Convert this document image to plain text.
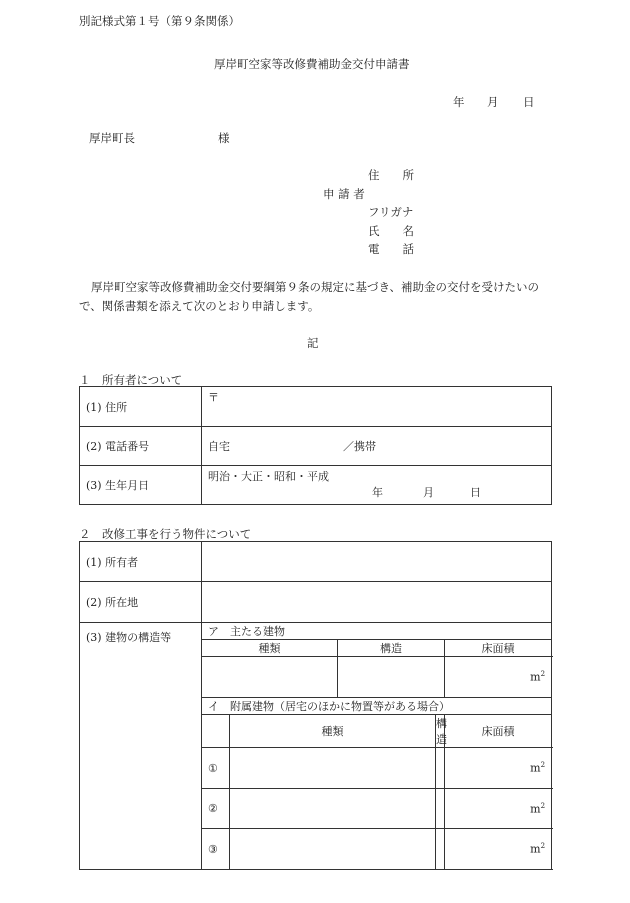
別記様式第１号（第９条関係）
厚岸町空家等改修費補助金交付申請書
年 月 日
厚岸町長	様
住　　所
申 請 者
フリガナ
氏　　名
電　　話
厚岸町空家等改修費補助金交付要綱第９条の規定に基づき、補助金の交付を受けたいの
で、関係書類を添えて次のとおり申請します。
記
１　所有者について
(1) 住所	〒
(2) 電話番号	自宅 ／携帯
(3) 生年月日	明治・大正・昭和・平成
年 月 日
２　改修工事を行う物件について
(1) 所有者					
(2) 所在地					
(3) 建物の構造等	ア　主たる建物				
	種類		構造		床面積
					$m^2$
	イ　附属建物（居宅のほかに物置等がある場合）				
		種類		構造	床面積
	①				$m^2$
	②				$m^2$
	③				$m^2$
